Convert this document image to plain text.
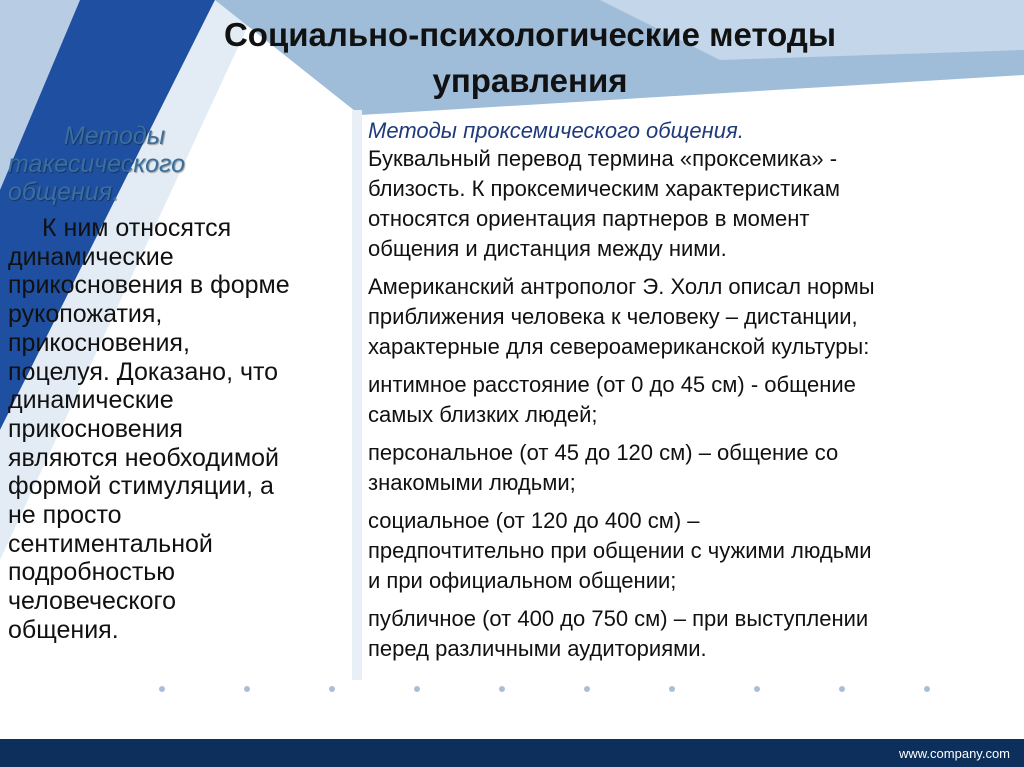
Социально-психологические методы
управления

Методы
такесического
общения.

К ним относятся
динамические
прикосновения в форме
рукопожатия,
прикосновения,
поцелуя. Доказано, что
динамические
прикосновения
являются необходимой
формой стимуляции, а
не просто
сентиментальной
подробностью
человеческого
общения.

Методы проксемического общения.

Буквальный перевод термина «проксемика» -
близость. К проксемическим характеристикам
относятся ориентация партнеров в момент
общения и дистанция между ними.
Американский антрополог Э. Холл описал нормы
приближения человека к человеку – дистанции,
характерные для североамериканской культуры:
интимное расстояние (от 0 до 45 см) - общение
самых близких людей;
персональное (от 45 до 120 см) – общение со
знакомыми людьми;
социальное (от 120 до 400 см) –
предпочтительно при общении с чужими людьми
и при официальном общении;
публичное (от 400 до 750 см) – при выступлении
перед различными аудиториями.
www.company.com
